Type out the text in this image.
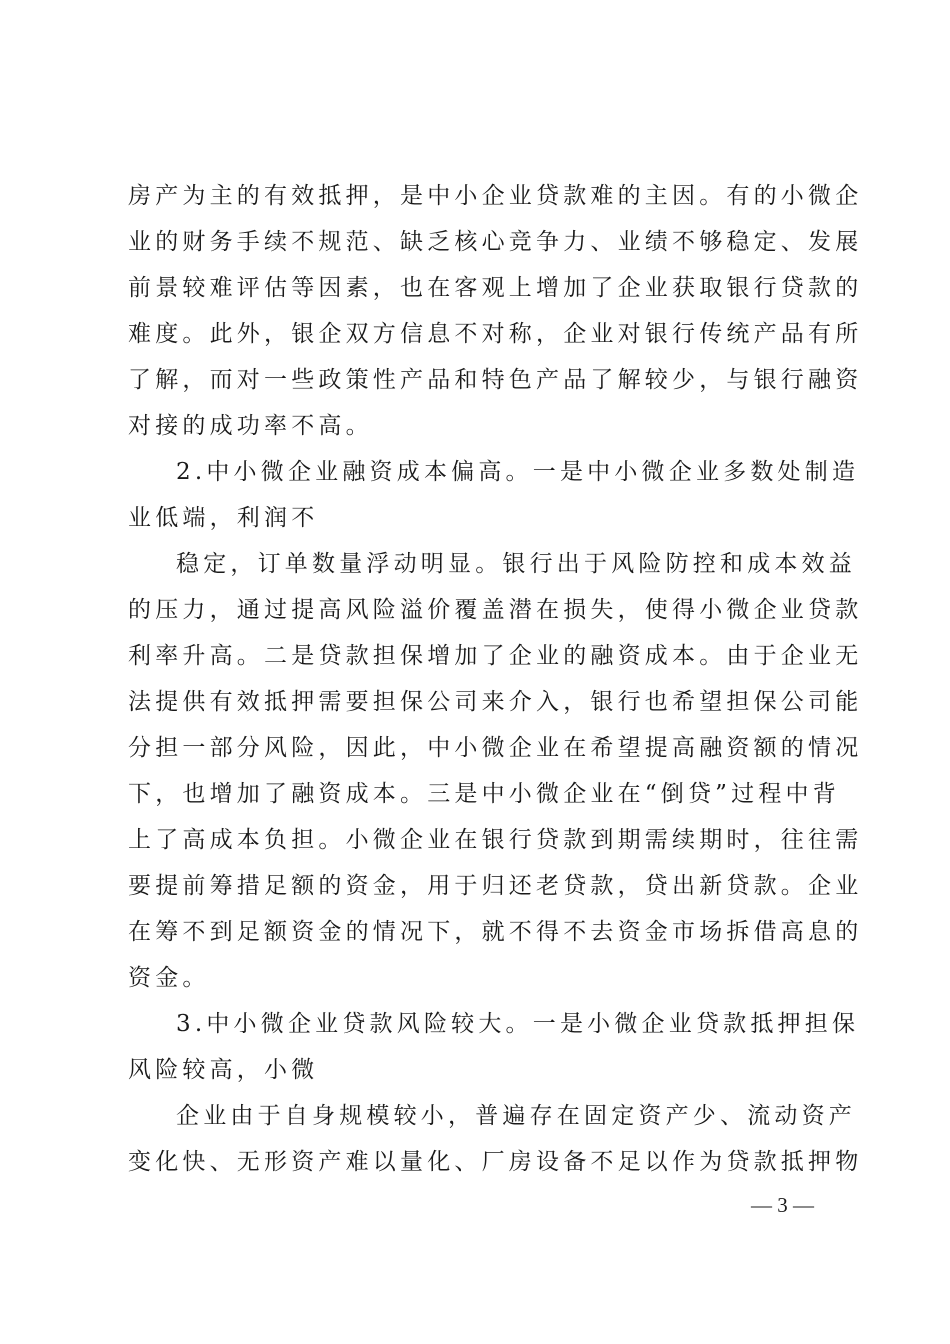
房产为主的有效抵押，是中小企业贷款难的主因。有的小微企
业的财务手续不规范、缺乏核心竞争力、业绩不够稳定、发展
前景较难评估等因素，也在客观上增加了企业获取银行贷款的
难度。此外，银企双方信息不对称，企业对银行传统产品有所
了解，而对一些政策性产品和特色产品了解较少，与银行融资
对接的成功率不高。
2.中小微企业融资成本偏高。一是中小微企业多数处制造
业低端，利润不
稳定，订单数量浮动明显。银行出于风险防控和成本效益
的压力，通过提高风险溢价覆盖潜在损失，使得小微企业贷款
利率升高。二是贷款担保增加了企业的融资成本。由于企业无
法提供有效抵押需要担保公司来介入，银行也希望担保公司能
分担一部分风险，因此，中小微企业在希望提高融资额的情况
下，也增加了融资成本。三是中小微企业在“倒贷”过程中背
上了高成本负担。小微企业在银行贷款到期需续期时，往往需
要提前筹措足额的资金，用于归还老贷款，贷出新贷款。企业
在筹不到足额资金的情况下，就不得不去资金市场拆借高息的
资金。
3.中小微企业贷款风险较大。一是小微企业贷款抵押担保
风险较高，小微
企业由于自身规模较小，普遍存在固定资产少、流动资产
变化快、无形资产难以量化、厂房设备不足以作为贷款抵押物
— 3 —
